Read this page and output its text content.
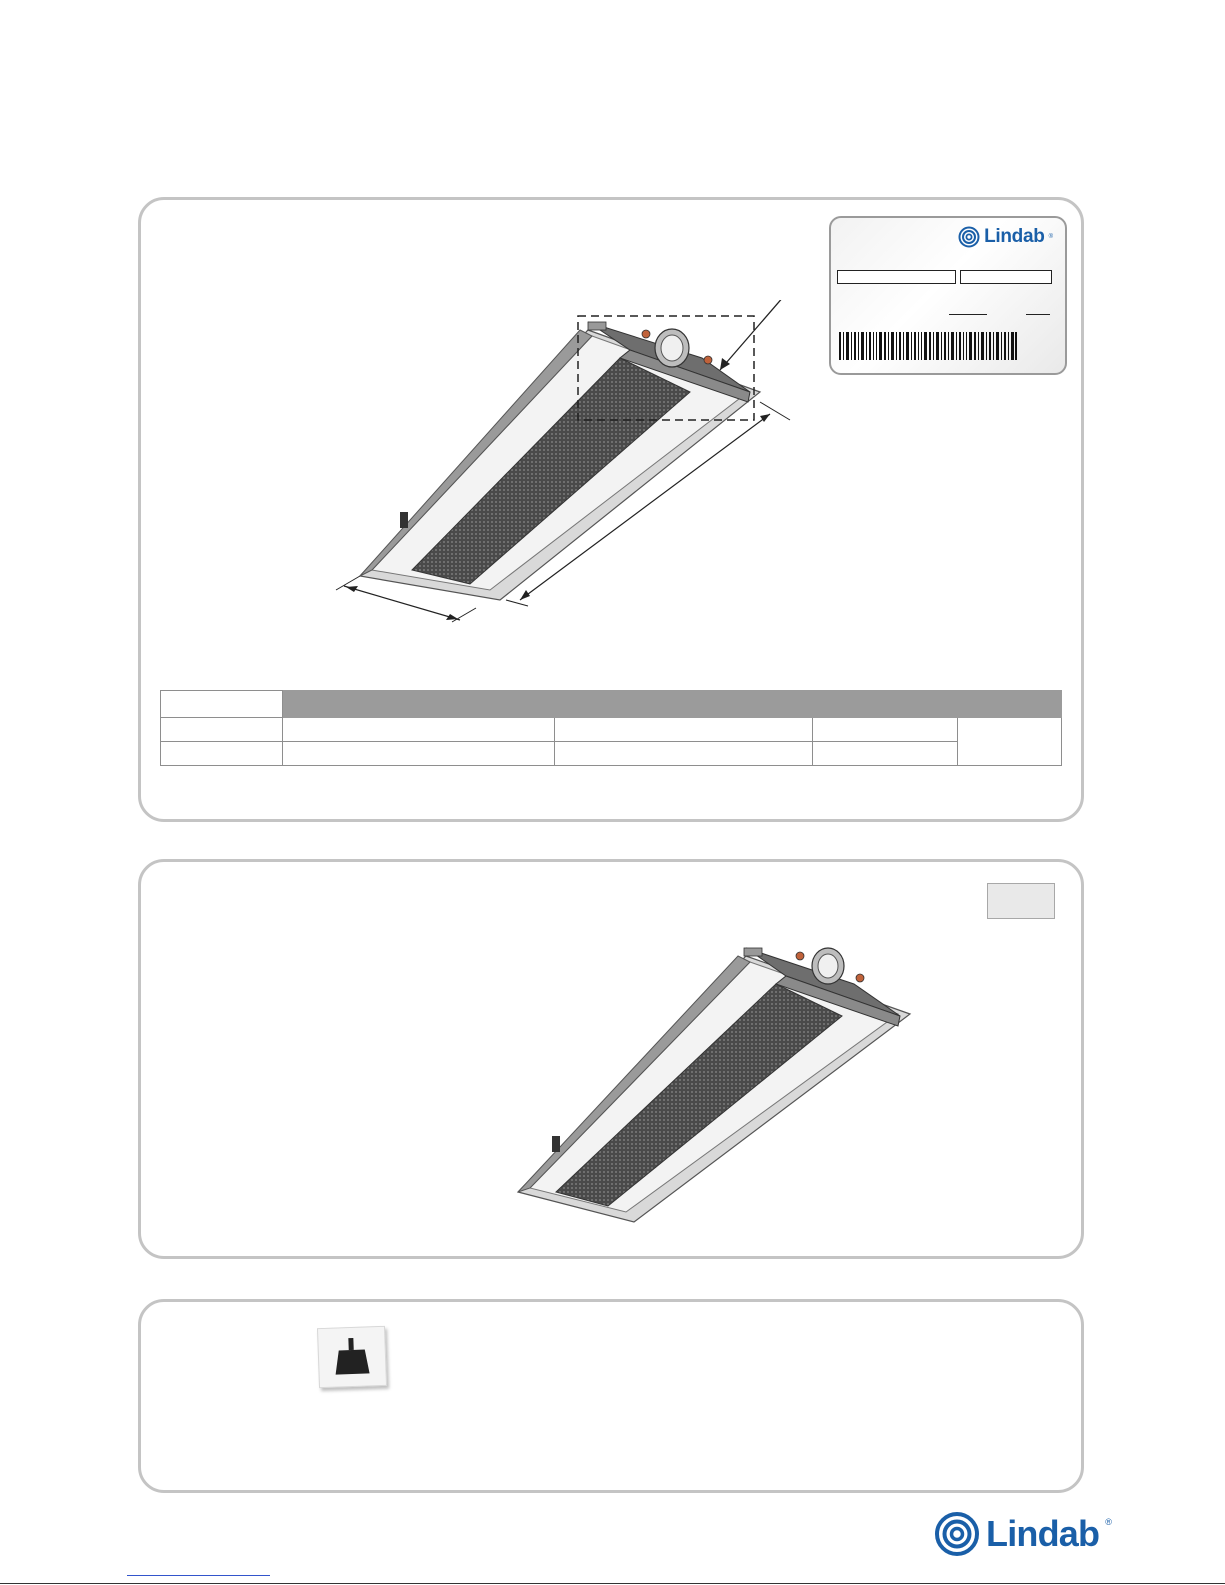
Lindab ®

Lindab ®
